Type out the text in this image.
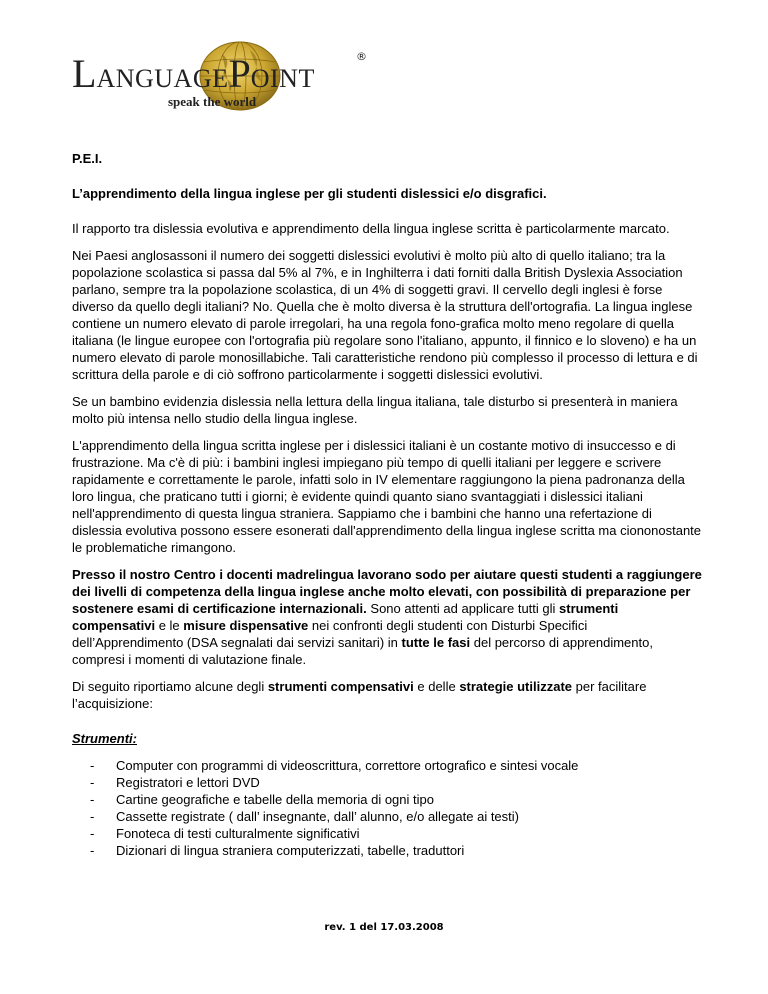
LANGUAGEPOINT
®
speak the world

P.E.I.

L’apprendimento della lingua inglese per gli studenti dislessici e/o disgrafici.

Il rapporto tra dislessia evolutiva e apprendimento della lingua inglese scritta è particolarmente marcato.

Nei Paesi anglosassoni il numero dei soggetti dislessici evolutivi è molto più alto di quello italiano; tra la popolazione scolastica si passa dal 5% al 7%, e in Inghilterra i dati forniti dalla British Dyslexia Association parlano, sempre tra la popolazione scolastica, di un 4% di soggetti gravi. Il cervello degli inglesi è forse diverso da quello degli italiani? No. Quella che è molto diversa è la struttura dell'ortografia. La lingua inglese contiene un numero elevato di parole irregolari, ha una regola fono-grafica molto meno regolare di quella italiana (le lingue europee con l'ortografia più regolare sono l'italiano, appunto, il finnico e lo sloveno) e ha un numero elevato di parole monosillabiche. Tali caratteristiche rendono più complesso il processo di lettura e di scrittura della parole e di ciò soffrono particolarmente i soggetti dislessici evolutivi.

Se un bambino evidenzia dislessia nella lettura della lingua italiana, tale disturbo si presenterà in maniera molto più intensa nello studio della lingua inglese.

L'apprendimento della lingua scritta inglese per i dislessici italiani è un costante motivo di insuccesso e di frustrazione. Ma c'è di più: i bambini inglesi impiegano più tempo di quelli italiani per leggere e scrivere rapidamente e correttamente le parole, infatti solo in IV elementare raggiungono la piena padronanza della loro lingua, che praticano tutti i giorni; è evidente quindi quanto siano svantaggiati i dislessici italiani nell'apprendimento di questa lingua straniera. Sappiamo che i bambini che hanno una refertazione di dislessia evolutiva possono essere esonerati dall'apprendimento della lingua inglese scritta ma ciononostante le problematiche rimangono.

Presso il nostro Centro i docenti madrelingua lavorano sodo per aiutare questi studenti a raggiungere dei livelli di competenza della lingua inglese anche molto elevati, con possibilità di preparazione per sostenere esami di certificazione internazionali. Sono attenti ad applicare tutti gli strumenti compensativi e le misure dispensative nei confronti degli studenti con Disturbi Specifici dell’Apprendimento (DSA segnalati dai servizi sanitari) in tutte le fasi del percorso di apprendimento, compresi i momenti di valutazione finale.

Di seguito riportiamo alcune degli strumenti compensativi e delle strategie utilizzate per facilitare l’acquisizione:

Strumenti:

- Computer con programmi di videoscrittura, correttore ortografico e sintesi vocale
- Registratori e lettori DVD
- Cartine geografiche e tabelle della memoria di ogni tipo
- Cassette registrate ( dall’ insegnante, dall’ alunno, e/o allegate ai testi)
- Fonoteca di testi culturalmente significativi
- Dizionari di lingua straniera computerizzati, tabelle, traduttori
rev. 1 del 17.03.2008
